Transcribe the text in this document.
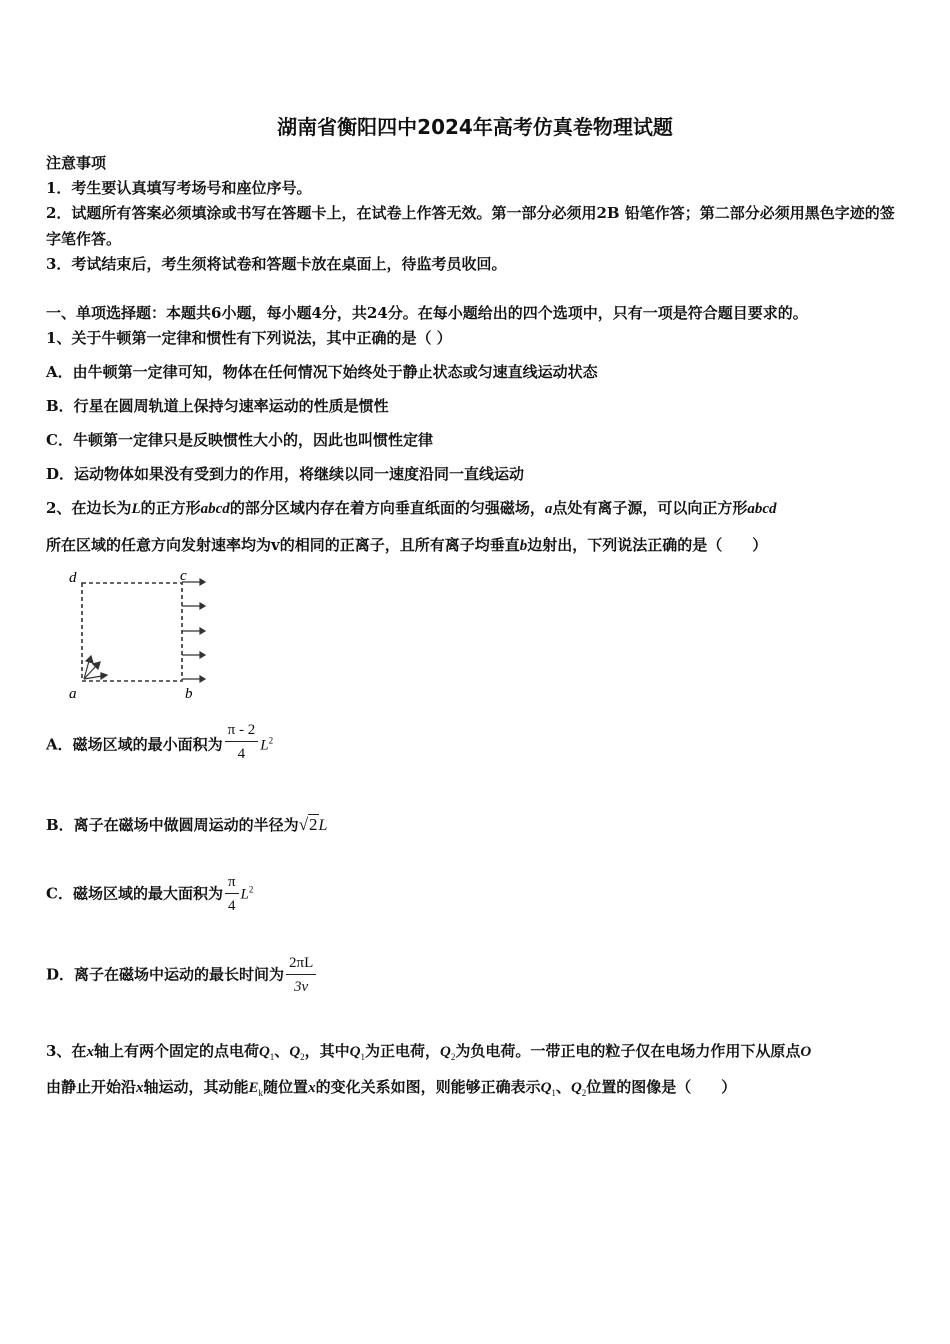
湖南省衡阳四中2024年高考仿真卷物理试题
注意事项
1．考生要认真填写考场号和座位序号。
2．试题所有答案必须填涂或书写在答题卡上，在试卷上作答无效。第一部分必须用2B 铅笔作答；第二部分必须用黑色字迹的签字笔作答。
3．考试结束后，考生须将试卷和答题卡放在桌面上，待监考员收回。
一、单项选择题：本题共6小题，每小题4分，共24分。在每小题给出的四个选项中，只有一项是符合题目要求的。
1、关于牛顿第一定律和惯性有下列说法，其中正确的是（ ）
A．由牛顿第一定律可知，物体在任何情况下始终处于静止状态或匀速直线运动状态
B．行星在圆周轨道上保持匀速率运动的性质是惯性
C．牛顿第一定律只是反映惯性大小的，因此也叫惯性定律
D．运动物体如果没有受到力的作用，将继续以同一速度沿同一直线运动
2、在边长为L的正方形abcd的部分区域内存在着方向垂直纸面的匀强磁场，a点处有离子源，可以向正方形abcd
所在区域的任意方向发射速率均为v的相同的正离子，且所有离子均垂直b边射出，下列说法正确的是（　　）
d	c
a	b
A．磁场区域的最小面积为 $\frac{\pi - 2}{4} L^2$
B．离子在磁场中做圆周运动的半径为√2L
C．磁场区域的最大面积为 $\frac{\pi}{4} L^2$
D．离子在磁场中运动的最长时间为 $\frac{2\pi L}{3v}$
3、在x轴上有两个固定的点电荷$Q_1$、$Q_2$，其中$Q_1$为正电荷，$Q_2$为负电荷。一带正电的粒子仅在电场力作用下从原点O
由静止开始沿x轴运动，其动能$E_k$随位置x的变化关系如图，则能够正确表示$Q_1$、$Q_2$位置的图像是（　　）
